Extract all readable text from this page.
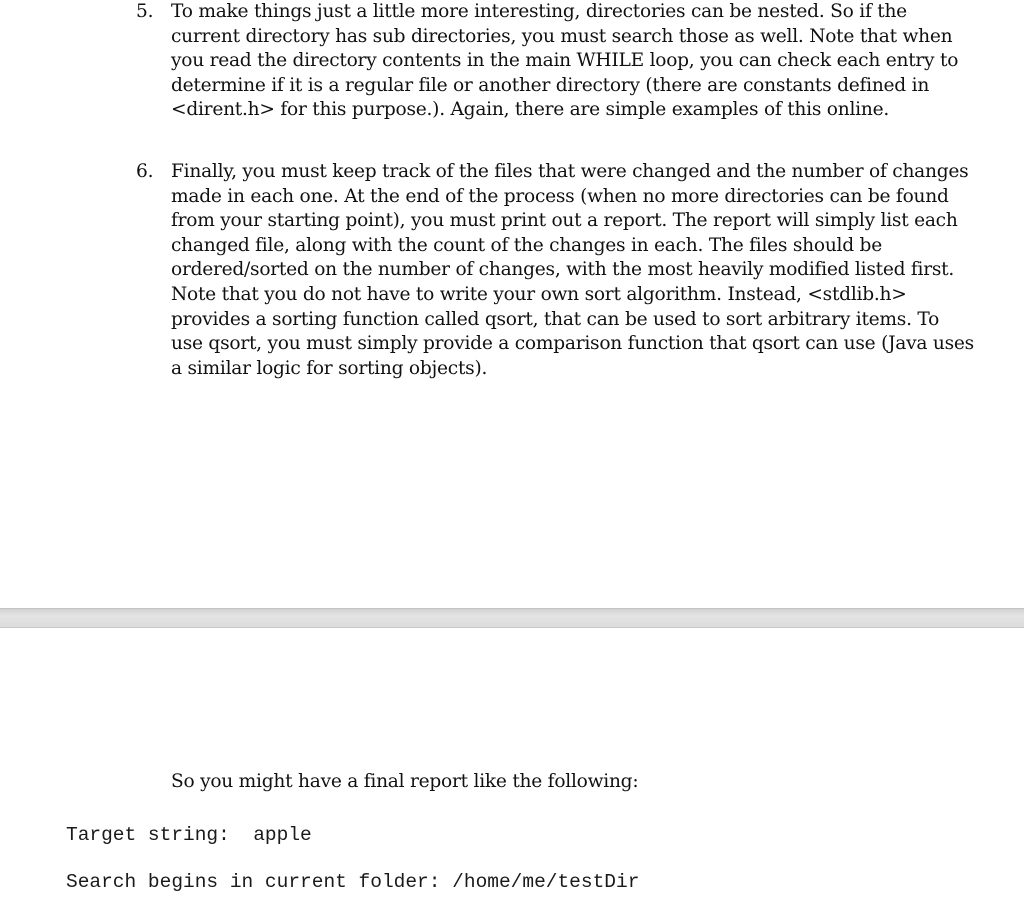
5. To make things just a little more interesting, directories can be nested. So if the current directory has sub directories, you must search those as well. Note that when you read the directory contents in the main WHILE loop, you can check each entry to determine if it is a regular file or another directory (there are constants defined in <dirent.h> for this purpose.). Again, there are simple examples of this online.
6. Finally, you must keep track of the files that were changed and the number of changes made in each one. At the end of the process (when no more directories can be found from your starting point), you must print out a report. The report will simply list each changed file, along with the count of the changes in each. The files should be ordered/sorted on the number of changes, with the most heavily modified listed first. Note that you do not have to write your own sort algorithm. Instead, <stdlib.h> provides a sorting function called qsort, that can be used to sort arbitrary items. To use qsort, you must simply provide a comparison function that qsort can use (Java uses a similar logic for sorting objects).
So you might have a final report like the following:
Target string:  apple
Search begins in current folder: /home/me/testDir
